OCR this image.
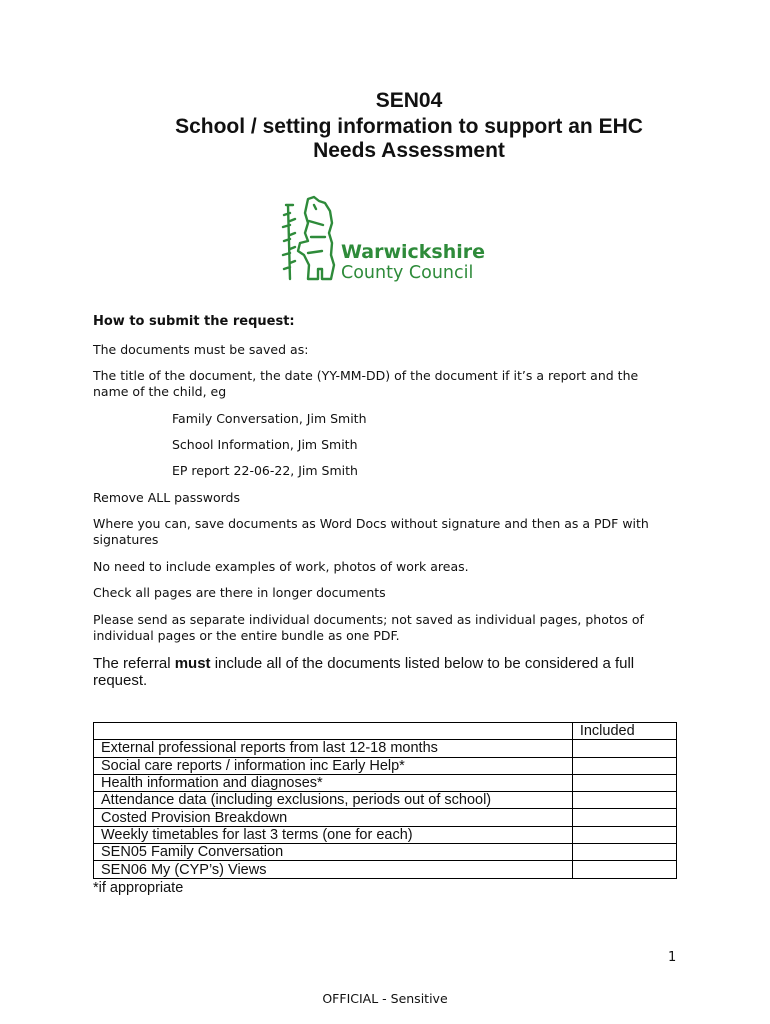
SEN04
School / setting information to support an EHC
Needs Assessment
Warwickshire
County Council
How to submit the request:
The documents must be saved as:
The title of the document, the date (YY-MM-DD) of the document if it’s a report and the
name of the child, eg
Family Conversation, Jim Smith
School Information, Jim Smith
EP report 22-06-22, Jim Smith
Remove ALL passwords
Where you can, save documents as Word Docs without signature and then as a PDF with
signatures
No need to include examples of work, photos of work areas.
Check all pages are there in longer documents
Please send as separate individual documents; not saved as individual pages, photos of
individual pages or the entire bundle as one PDF.
The referral must include all of the documents listed below to be considered a full
request.
	Included
External professional reports from last 12-18 months	
Social care reports / information inc Early Help*	
Health information and diagnoses*	
Attendance data (including exclusions, periods out of school)	
Costed Provision Breakdown	
Weekly timetables for last 3 terms (one for each)	
SEN05 Family Conversation	
SEN06 My (CYP’s) Views	
*if appropriate
1
OFFICIAL - Sensitive
